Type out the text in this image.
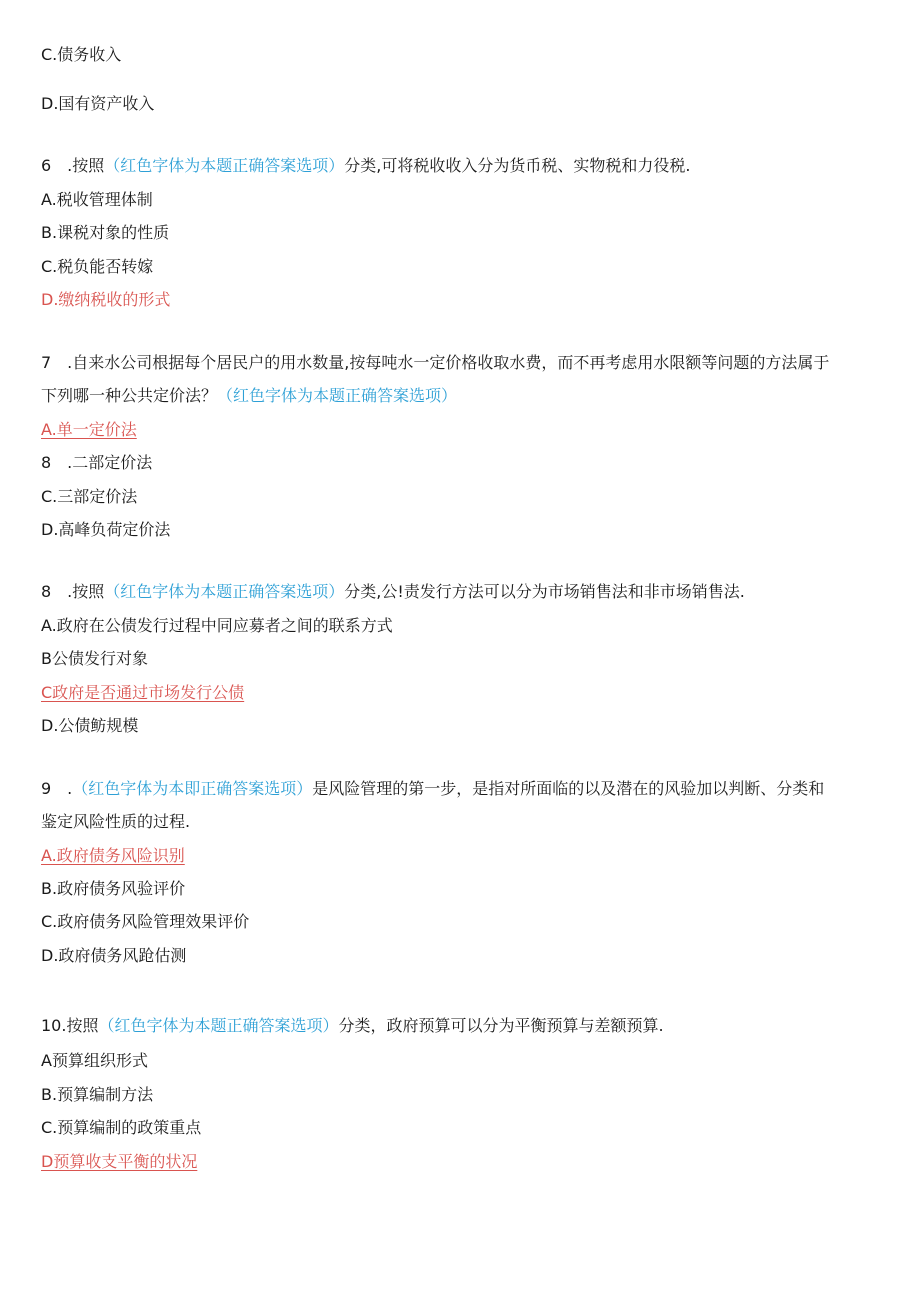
C.债务收入
D.国有资产收入
6　.按照（红色字体为本题正确答案选项）分类,可将税收收入分为货币税、实物税和力役税.
A.税收管理体制
B.课税对象的性质
C.税负能否转嫁
D.缴纳税收的形式
7　.自来水公司根据每个居民户的用水数量,按每吨水一定价格收取水费，而不再考虑用水限额等问题的方法属于
下列哪一种公共定价法？（红色字体为本题正确答案选项）
A.单一定价法
8　.二部定价法
C.三部定价法
D.高峰负荷定价法
8　.按照（红色字体为本题正确答案选项）分类,公!责发行方法可以分为市场销售法和非市场销售法.
A.政府在公债发行过程中同应募者之间的联系方式
B公债发行对象
C政府是否通过市场发行公债
D.公债鲂规模
9　.（红色字体为本即正确答案选项）是风险管理的第一步，是指对所面临的以及潜在的风验加以判断、分类和
鉴定风险性质的过程.
A.政府债务风险识别
B.政府债务风验评价
C.政府债务风险管理效果评价
D.政府债务风跄估测
10.按照（红色字体为本题正确答案选项）分类，政府预算可以分为平衡预算与差额预算.
A预算组织形式
B.预算编制方法
C.预算编制的政策重点
D预算收支平衡的状况
